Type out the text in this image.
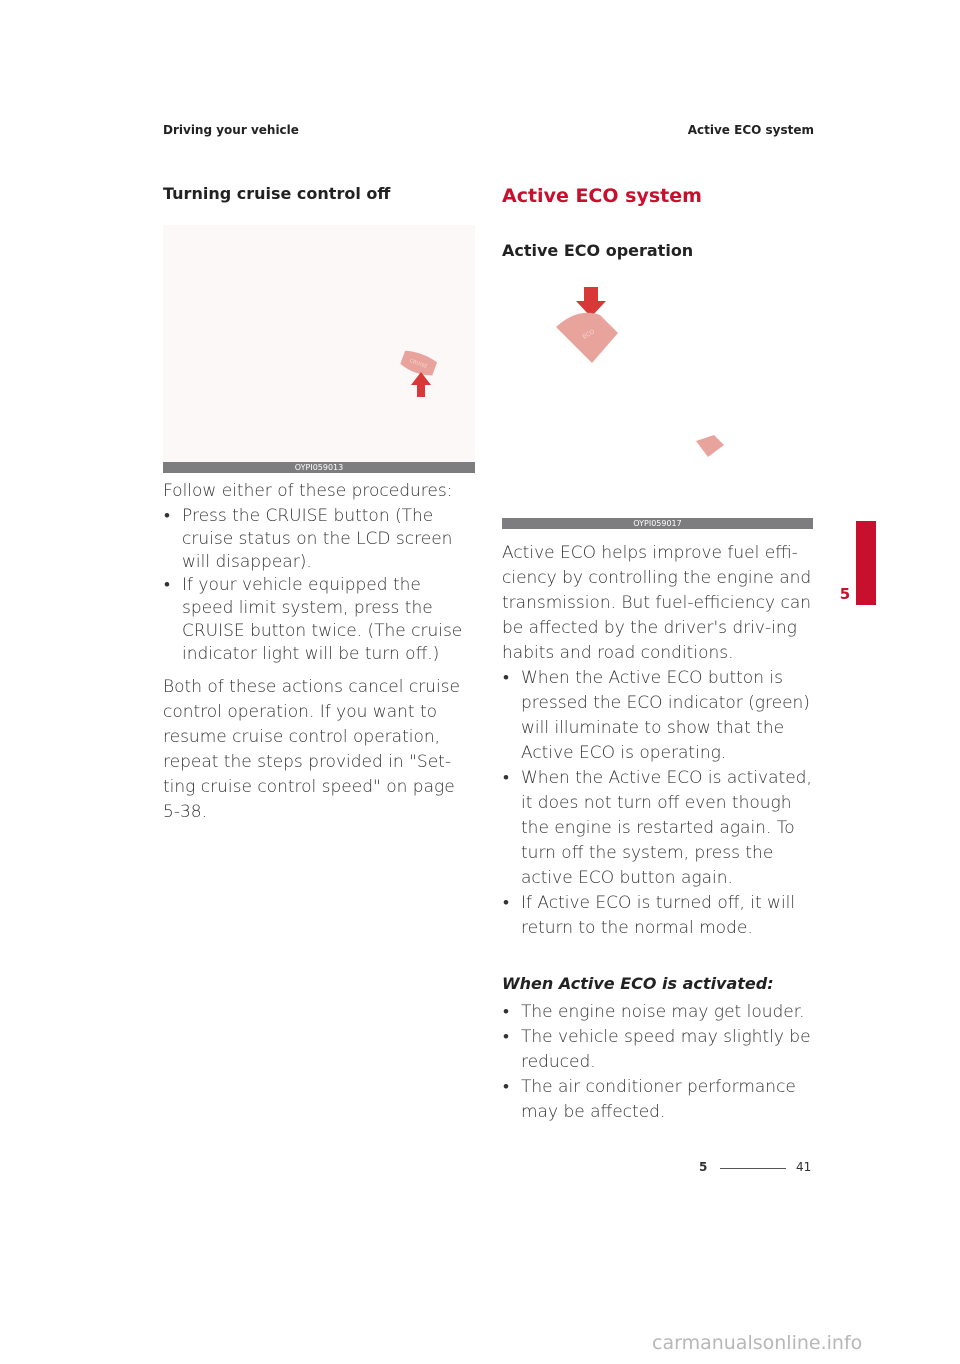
Driving your vehicle	Active ECO system
Turning cruise control off
CRUISE
OYPI059013

Follow either of these procedures:

• Press the CRUISE button (The cruise status on the LCD screen will disappear).
• If your vehicle equipped the speed limit system, press the CRUISE button twice. (The cruise indicator light will be turn off.)

Both of these actions cancel cruise control operation. If you want to resume cruise control operation, repeat the steps provided in "Set-ting cruise control speed" on page 5-38.

Active ECO system
Active ECO operation
ECO
OYPI059017

Active ECO helps improve fuel effi-ciency by controlling the engine and transmission. But fuel-efficiency can be affected by the driver's driv-ing habits and road conditions.

• When the Active ECO button is pressed the ECO indicator (green) will illuminate to show that the Active ECO is operating.
• When the Active ECO is activated, it does not turn off even though the engine is restarted again. To turn off the system, press the active ECO button again.
• If Active ECO is turned off, it will return to the normal mode.
When Active ECO is activated:
• The engine noise may get louder.
• The vehicle speed may slightly be reduced.
• The air conditioner performance may be affected.
5
5	41
carmanualsonline.info
